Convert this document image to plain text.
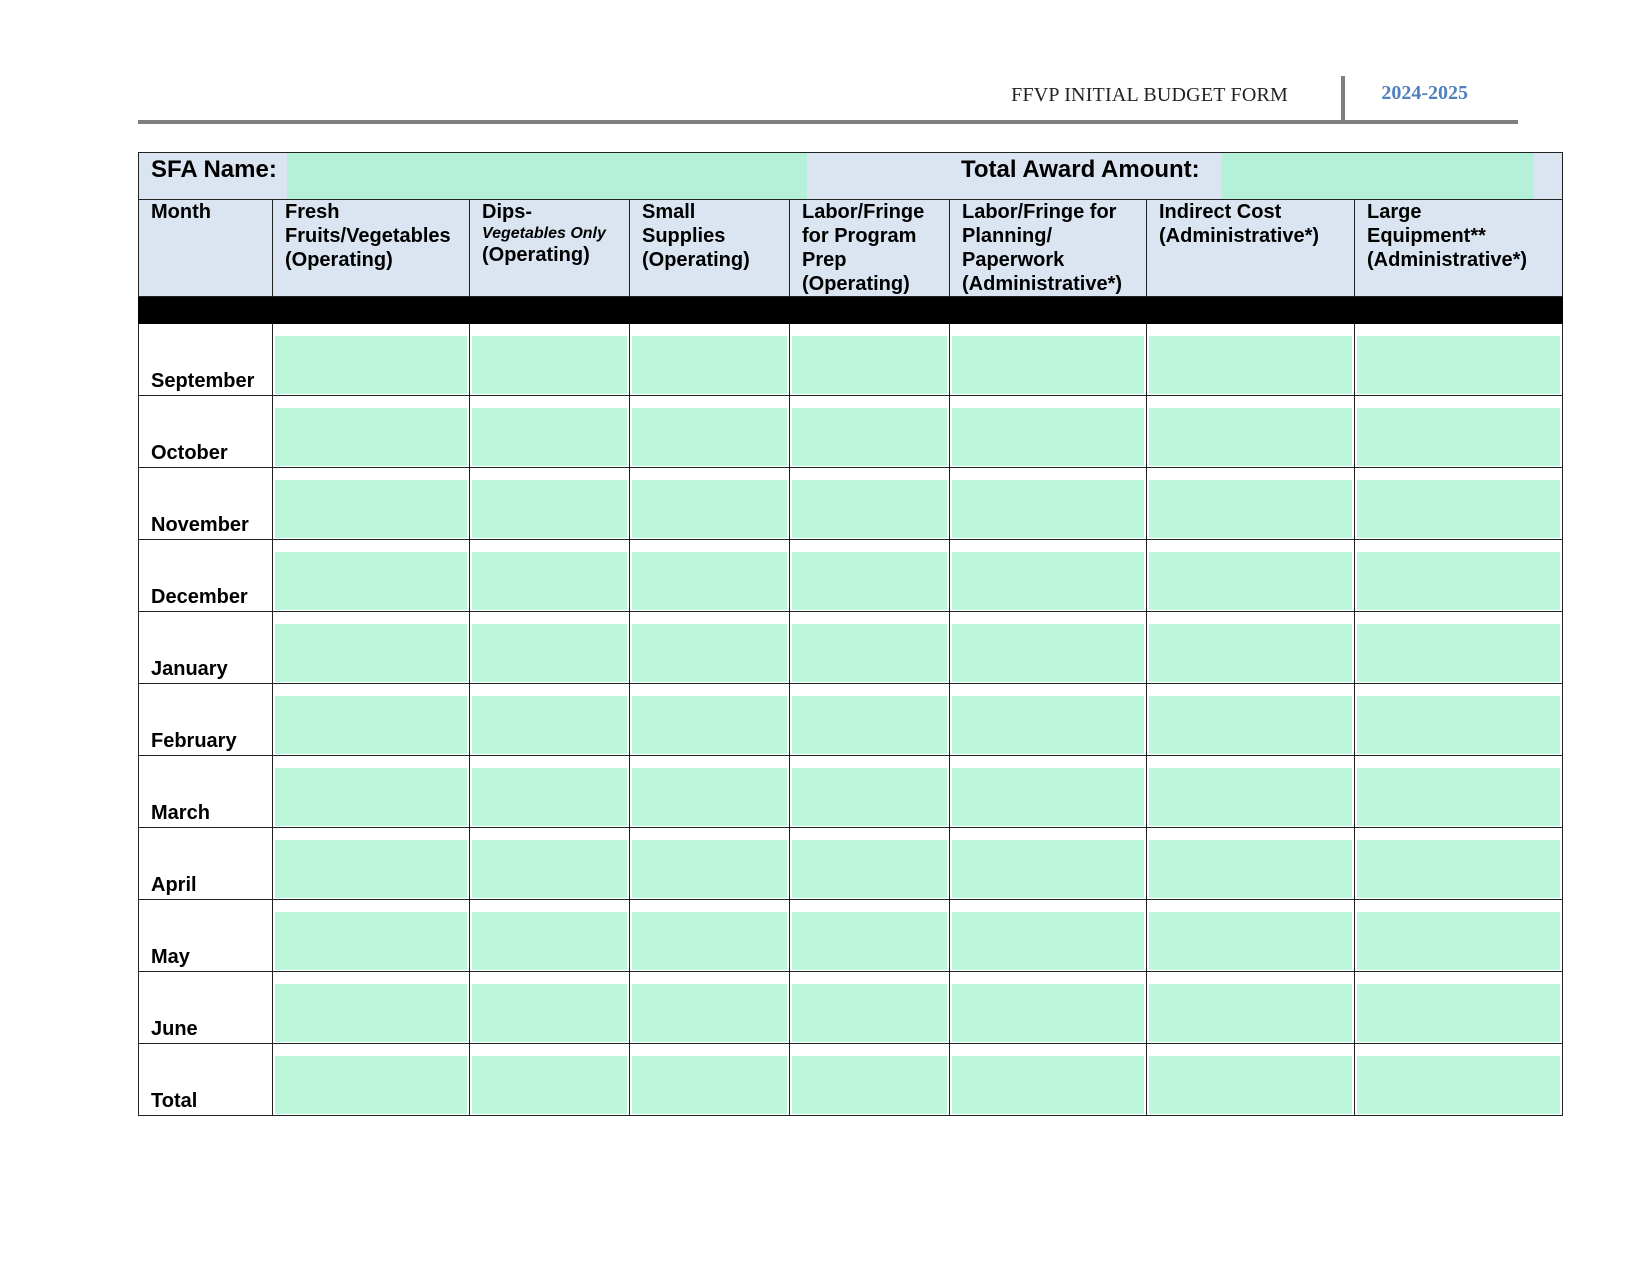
FFVP INITIAL BUDGET FORM	2024-2025
SFA Name: Total Award Amount:							

Month	Fresh
Fruits/Vegetables
(Operating)	Dips-
Vegetables Only
(Operating)	Small
Supplies
(Operating)	Labor/Fringe
for Program
Prep
(Operating)	Labor/Fringe for
Planning/
Paperwork
(Administrative*)	Indirect Cost
(Administrative*)	Large
Equipment**
(Administrative*)

September

October

November

December

January

February

March

April

May

June

Total
